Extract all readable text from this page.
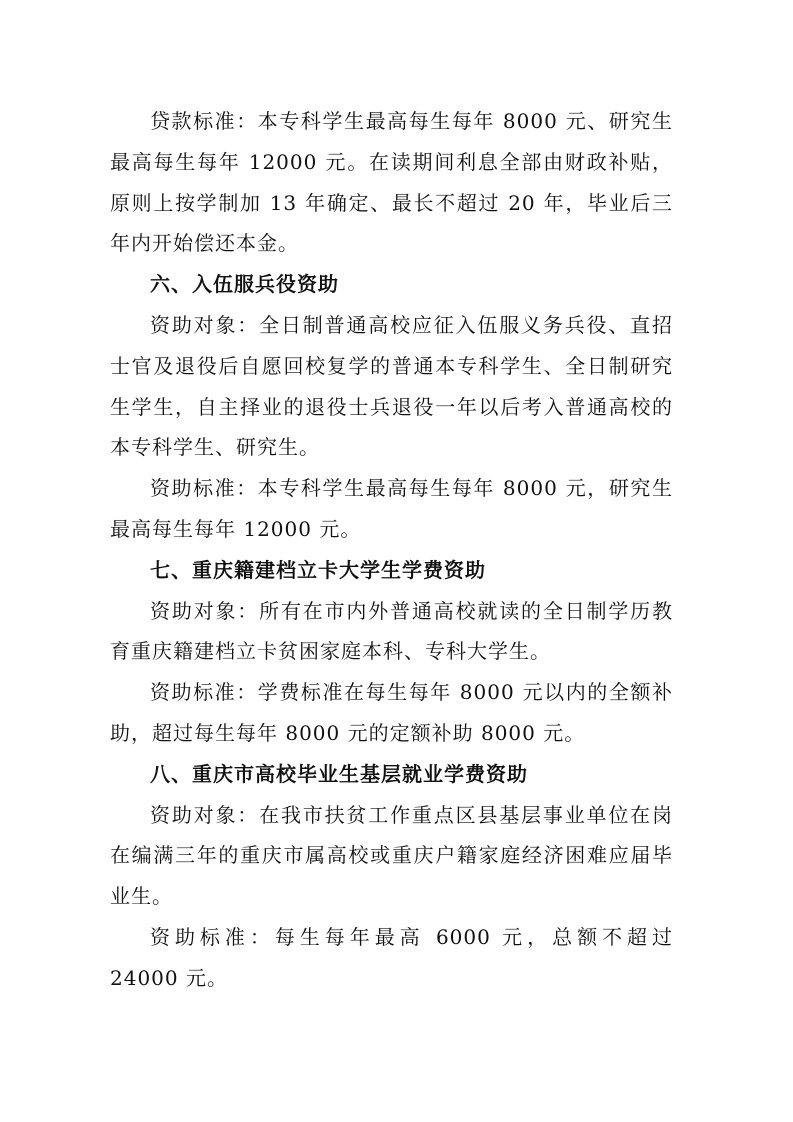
贷款标准：本专科学生最高每生每年 8000 元、研究生最高每生每年 12000 元。在读期间利息全部由财政补贴，原则上按学制加 13 年确定、最长不超过 20 年，毕业后三年内开始偿还本金。

六、入伍服兵役资助

资助对象：全日制普通高校应征入伍服义务兵役、直招士官及退役后自愿回校复学的普通本专科学生、全日制研究生学生，自主择业的退役士兵退役一年以后考入普通高校的本专科学生、研究生。

资助标准：本专科学生最高每生每年 8000 元，研究生最高每生每年 12000 元。

七、重庆籍建档立卡大学生学费资助

资助对象：所有在市内外普通高校就读的全日制学历教育重庆籍建档立卡贫困家庭本科、专科大学生。

资助标准：学费标准在每生每年 8000 元以内的全额补助，超过每生每年 8000 元的定额补助 8000 元。

八、重庆市高校毕业生基层就业学费资助

资助对象：在我市扶贫工作重点区县基层事业单位在岗在编满三年的重庆市属高校或重庆户籍家庭经济困难应届毕业生。

资助标准：每生每年最高 6000 元，总额不超过 24000 元。
